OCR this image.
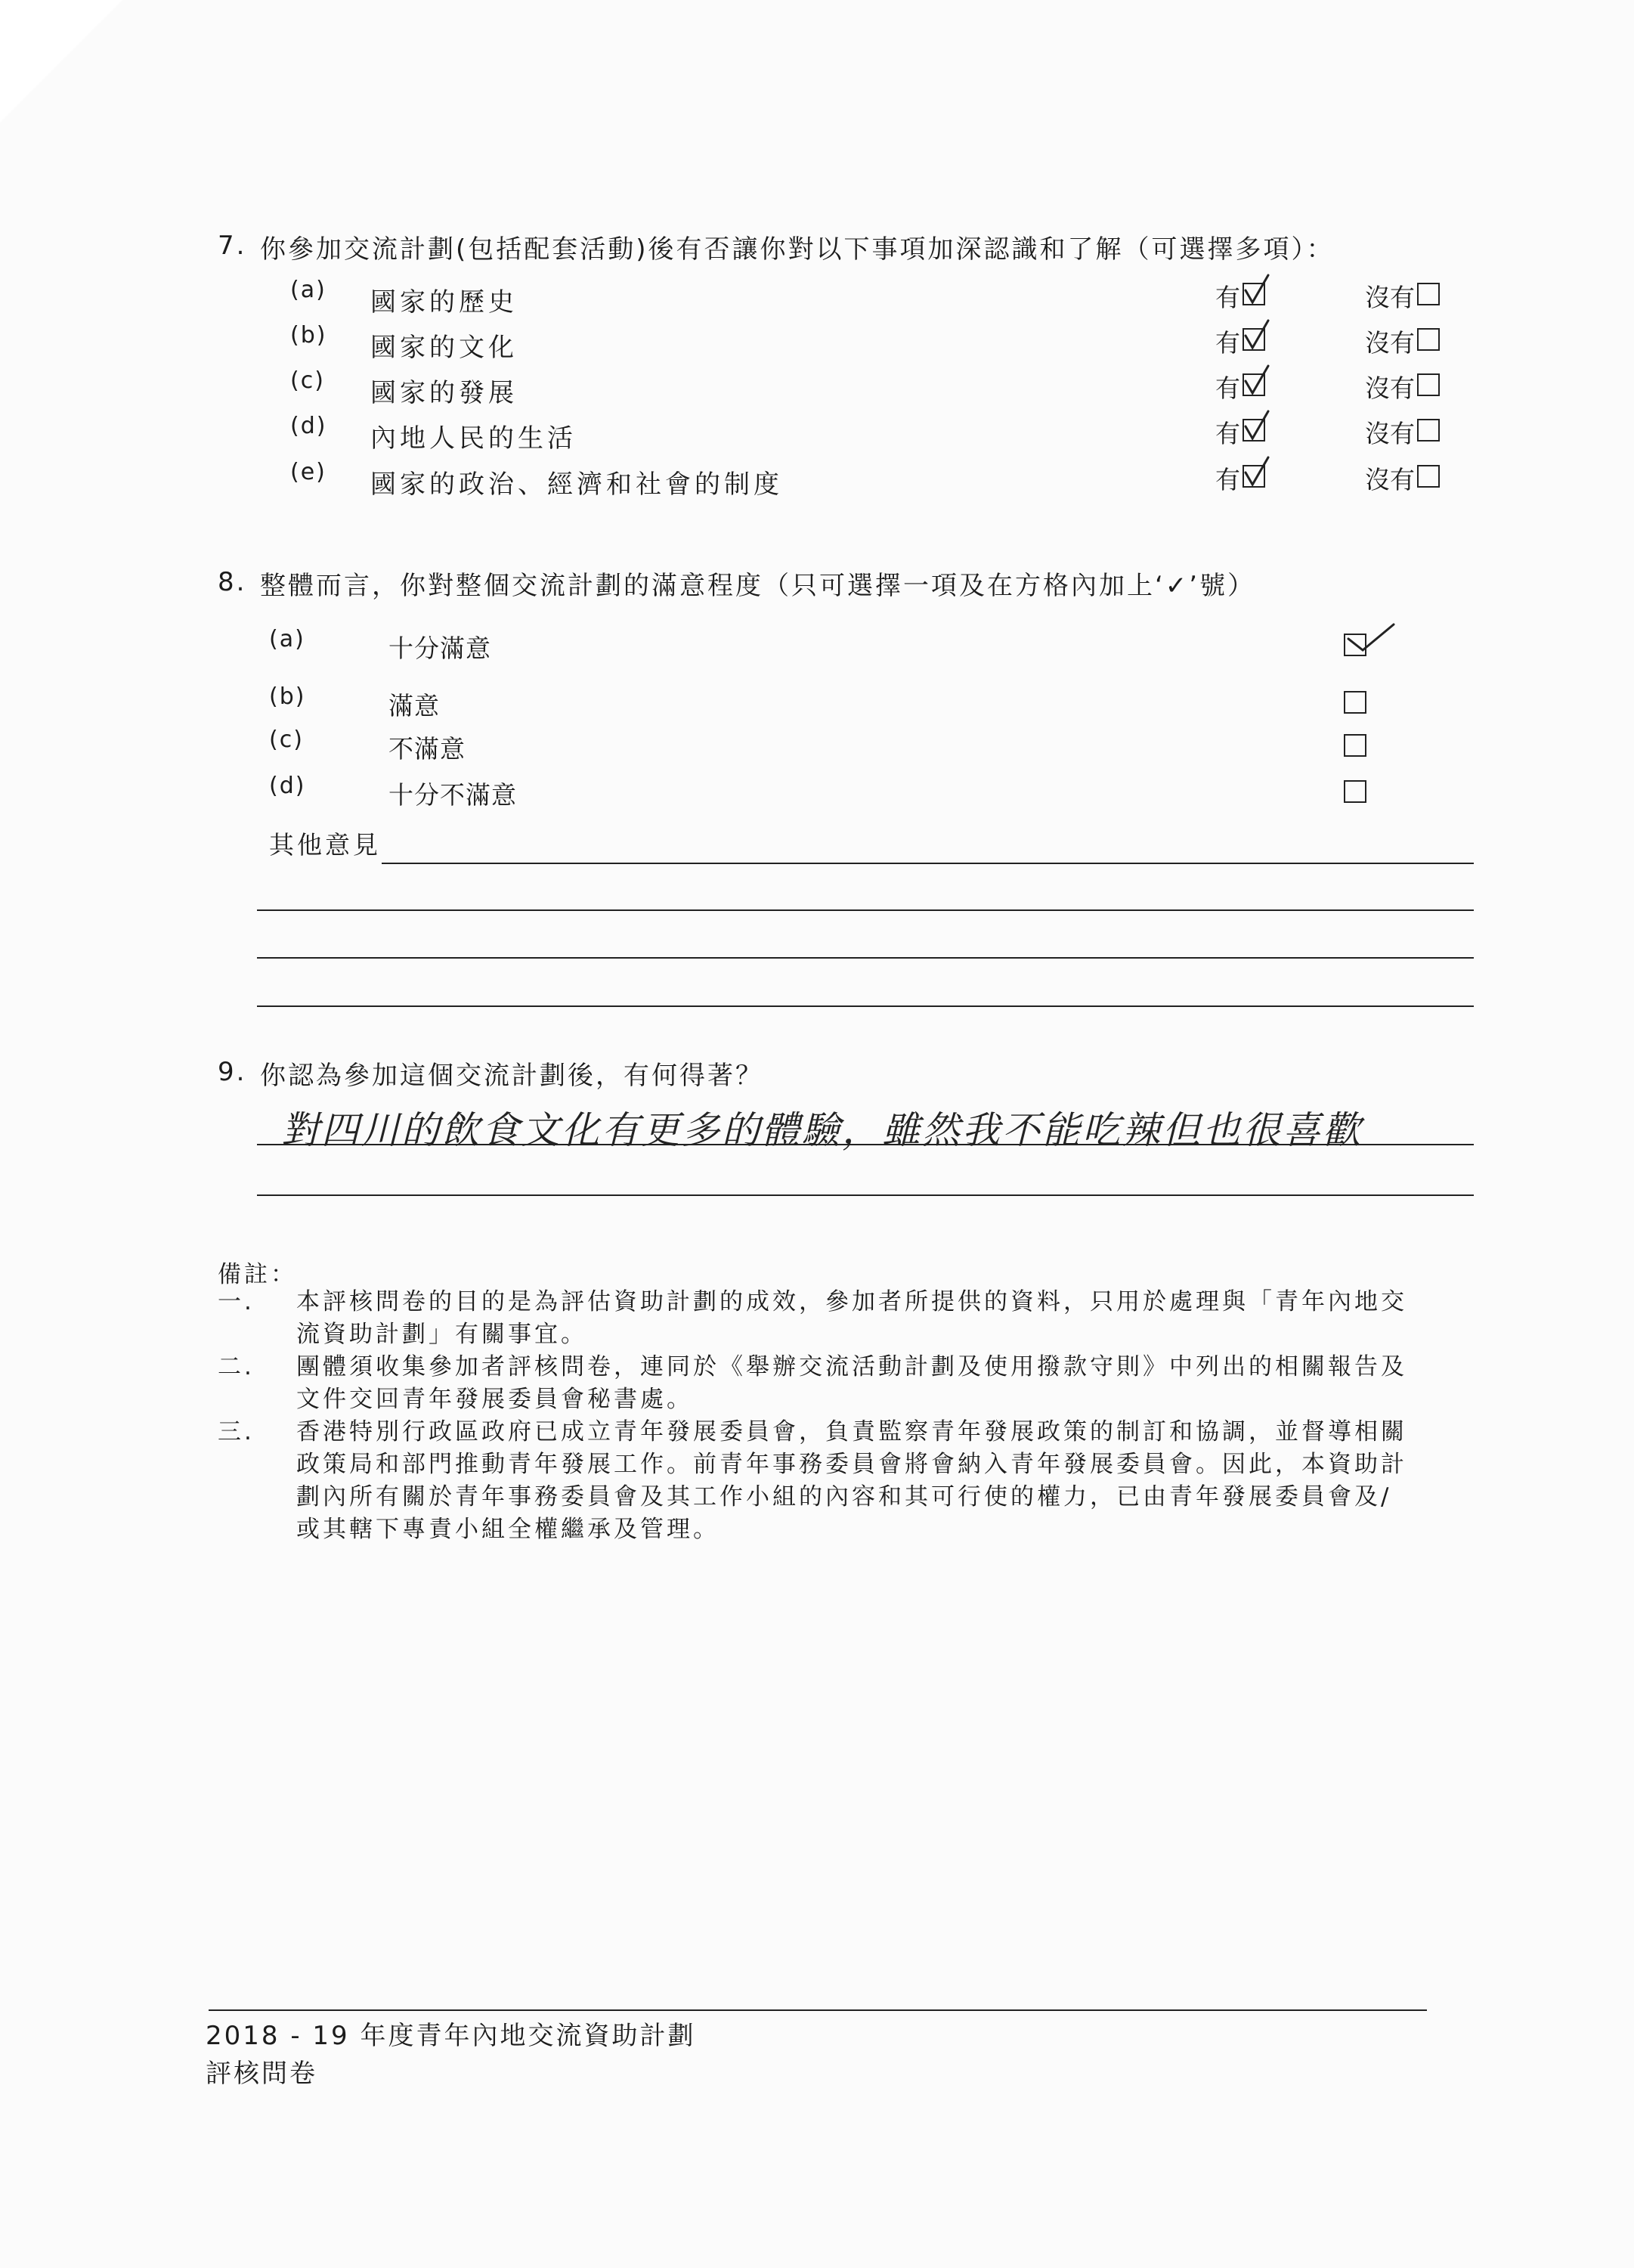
7. 你參加交流計劃(包括配套活動)後有否讓你對以下事項加深認識和了解（可選擇多項）：
(a) 國家的歷史	有	沒有
(b) 國家的文化	有	沒有
(c) 國家的發展	有	沒有
(d) 內地人民的生活	有	沒有
(e) 國家的政治、經濟和社會的制度	有	沒有
8. 整體而言，你對整個交流計劃的滿意程度（只可選擇一項及在方格內加上‘✓’號）
(a)	十分滿意
(b)	滿意
(c)	不滿意
(d)	十分不滿意
其他意見
9. 你認為參加這個交流計劃後，有何得著？
對四川的飲食文化有更多的體驗，雖然我不能吃辣但也很喜歡
備註：
一. 本評核問卷的目的是為評估資助計劃的成效，參加者所提供的資料，只用於處理與「青年內地交
流資助計劃」有關事宜。
二. 團體須收集參加者評核問卷，連同於《舉辦交流活動計劃及使用撥款守則》中列出的相關報告及
文件交回青年發展委員會秘書處。
三. 香港特別行政區政府已成立青年發展委員會，負責監察青年發展政策的制訂和協調，並督導相關
政策局和部門推動青年發展工作。前青年事務委員會將會納入青年發展委員會。因此，本資助計
劃內所有關於青年事務委員會及其工作小組的內容和其可行使的權力，已由青年發展委員會及/
或其轄下專責小組全權繼承及管理。
2018 - 19 年度青年內地交流資助計劃
評核問卷
